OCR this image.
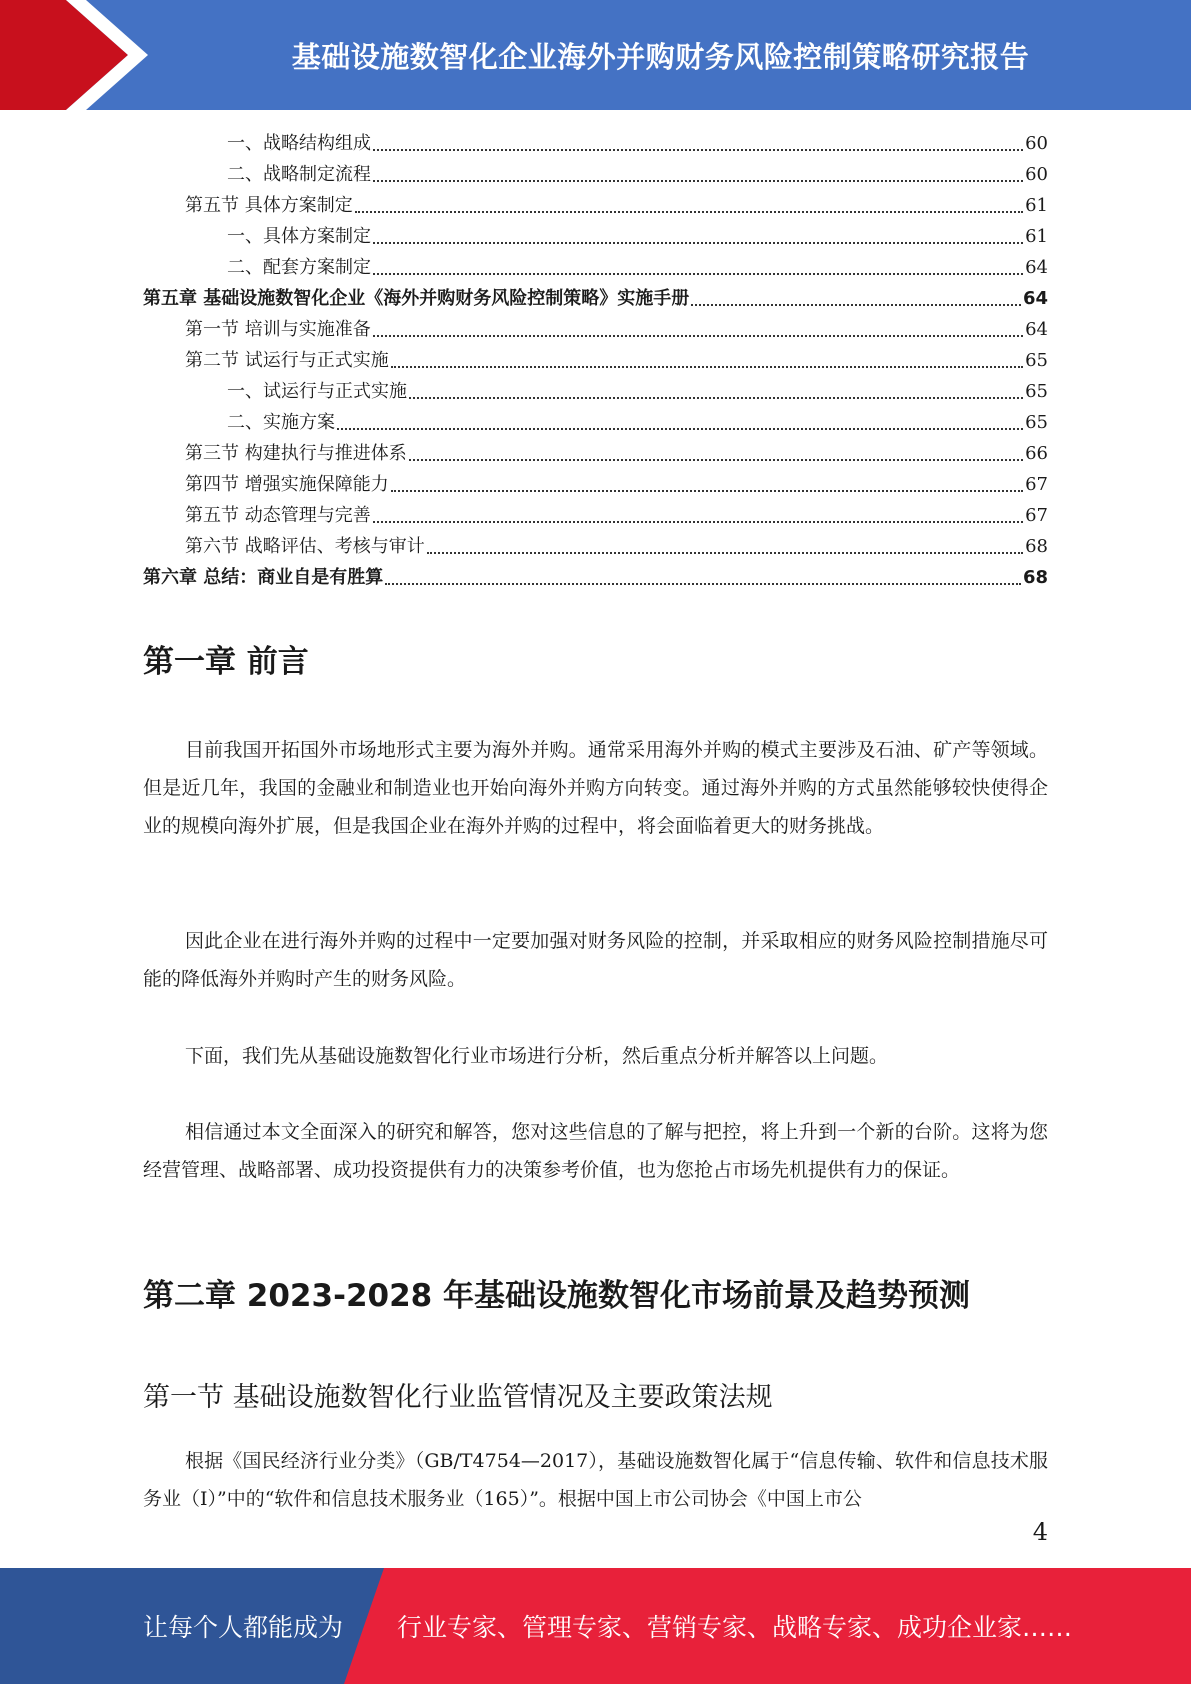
基础设施数智化企业海外并购财务风险控制策略研究报告
一、战略结构组成	60
二、战略制定流程	60
第五节 具体方案制定	61
一、具体方案制定	61
二、配套方案制定	64
第五章 基础设施数智化企业《海外并购财务风险控制策略》实施手册	64
第一节 培训与实施准备	64
第二节 试运行与正式实施	65
一、试运行与正式实施	65
二、实施方案	65
第三节 构建执行与推进体系	66
第四节 增强实施保障能力	67
第五节 动态管理与完善	67
第六节 战略评估、考核与审计	68
第六章 总结：商业自是有胜算	68
第一章 前言

目前我国开拓国外市场地形式主要为海外并购。通常采用海外并购的模式主要涉及石油、矿产等领域。但是近几年，我国的金融业和制造业也开始向海外并购方向转变。通过海外并购的方式虽然能够较快使得企业的规模向海外扩展，但是我国企业在海外并购的过程中，将会面临着更大的财务挑战。

因此企业在进行海外并购的过程中一定要加强对财务风险的控制，并采取相应的财务风险控制措施尽可能的降低海外并购时产生的财务风险。

下面，我们先从基础设施数智化行业市场进行分析，然后重点分析并解答以上问题。

相信通过本文全面深入的研究和解答，您对这些信息的了解与把控，将上升到一个新的台阶。这将为您经营管理、战略部署、成功投资提供有力的决策参考价值，也为您抢占市场先机提供有力的保证。

第二章 2023-2028 年基础设施数智化市场前景及趋势预测
第一节 基础设施数智化行业监管情况及主要政策法规

根据《国民经济行业分类》（GB/T4754—2017），基础设施数智化属于“信息传输、软件和信息技术服务业（I）”中的“软件和信息技术服务业（165）”。根据中国上市公司协会《中国上市公

4
让每个人都能成为 行业专家、管理专家、营销专家、战略专家、成功企业家……
